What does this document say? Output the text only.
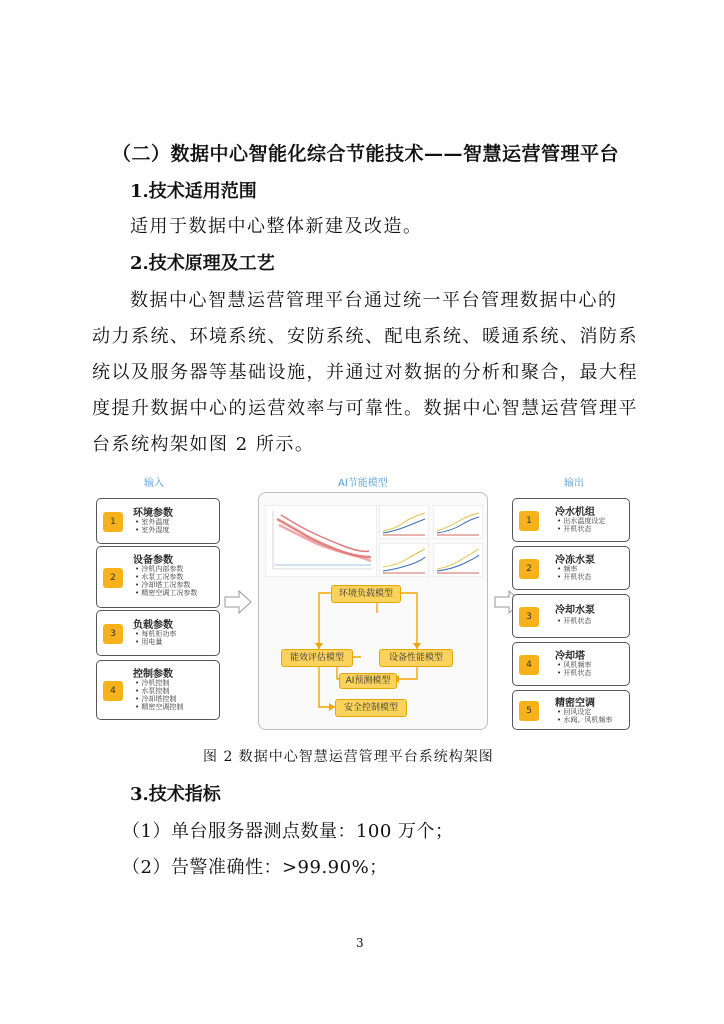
（二）数据中心智能化综合节能技术——智慧运营管理平台
1.技术适用范围
适用于数据中心整体新建及改造。
2.技术原理及工艺
数据中心智慧运营管理平台通过统一平台管理数据中心的
动力系统、环境系统、安防系统、配电系统、暖通系统、消防系
统以及服务器等基础设施，并通过对数据的分析和聚合，最大程
度提升数据中心的运营效率与可靠性。数据中心智慧运营管理平
台系统构架如图 2 所示。
输入	AI节能模型	输出
1
环境参数
• 室外温度
• 室外湿度
2
设备参数
• 冷机内部参数
• 水泵工况参数
• 冷却塔工况参数
• 精密空调工况参数
3
负载参数
• 每机柜功率
• 用电量
4
控制参数
• 冷机控制
• 水泵控制
• 冷却塔控制
• 精密空调控制
环境负载模型
能效评估模型	设备性能模型
AI预测模型
安全控制模型
1
冷水机组
• 出水温度设定
• 开机状态
2
冷冻水泵
• 频率
• 开机状态
3
冷却水泵
• 开机状态
4
冷却塔
• 风机频率
• 开机状态
5
精密空调
• 回风设定
• 水阀、风机频率
图 2 数据中心智慧运营管理平台系统构架图
3.技术指标
（1）单台服务器测点数量：100 万个；
（2）告警准确性：>99.90%；
3
